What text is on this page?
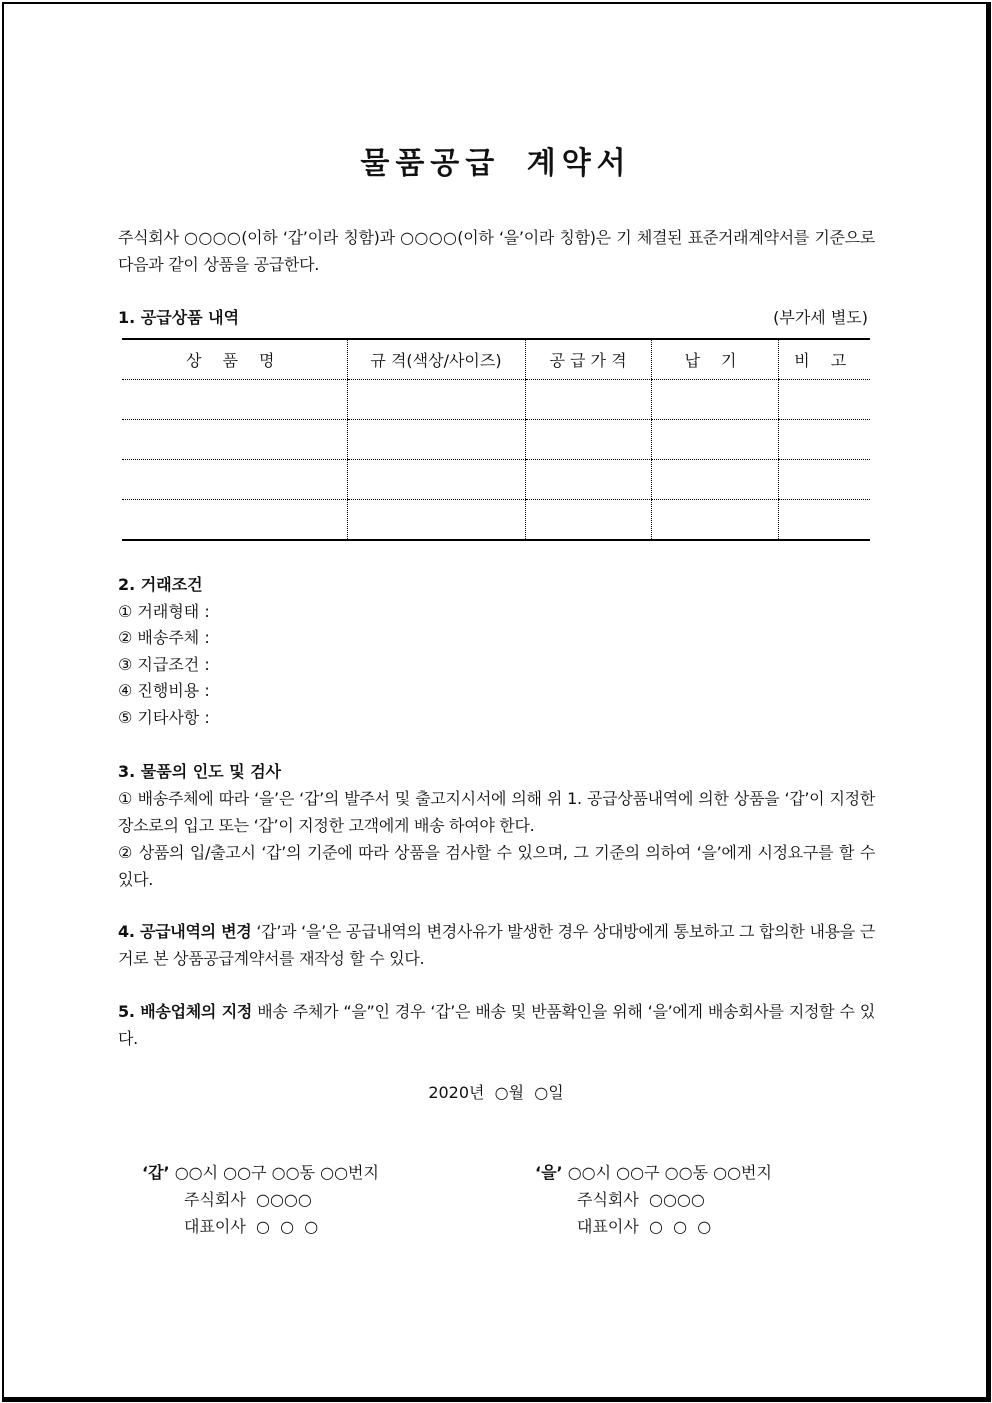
물품공급 계약서
주식회사 ○○○○(이하 ‘갑’이라 칭함)과 ○○○○(이하 ‘을’이라 칭함)은 기 체결된 표준거래계약서를 기준으로 다음과 같이 상품을 공급한다.
1. 공급상품 내역	(부가세 별도)
상 품 명	규 격(색상/사이즈)	공 급 가 격	납 기	비 고

2. 거래조건
① 거래형태 :
② 배송주체 :
③ 지급조건 :
④ 진행비용 :
⑤ 기타사항 :
3. 물품의 인도 및 검사
① 배송주체에 따라 ‘을’은 ‘갑’의 발주서 및 출고지시서에 의해 위 1. 공급상품내역에 의한 상품을 ‘갑’이 지정한 장소로의 입고 또는 ‘갑’이 지정한 고객에게 배송 하여야 한다.
② 상품의 입/출고시 ‘갑’의 기준에 따라 상품을 검사할 수 있으며, 그 기준의 의하여 ‘을’에게 시정요구를 할 수 있다.
4. 공급내역의 변경 ‘갑’과 ‘을’은 공급내역의 변경사유가 발생한 경우 상대방에게 통보하고 그 합의한 내용을 근거로 본 상품공급계약서를 재작성 할 수 있다.
5. 배송업체의 지정 배송 주체가 “을”인 경우 ‘갑’은 배송 및 반품확인을 위해 ‘을’에게 배송회사를 지정할 수 있다.
2020년  ○월  ○일
‘갑’ ○○시 ○○구 ○○동 ○○번지
주식회사  ○○○○
대표이사  ○  ○  ○
‘을’ ○○시 ○○구 ○○동 ○○번지
주식회사  ○○○○
대표이사  ○  ○  ○
